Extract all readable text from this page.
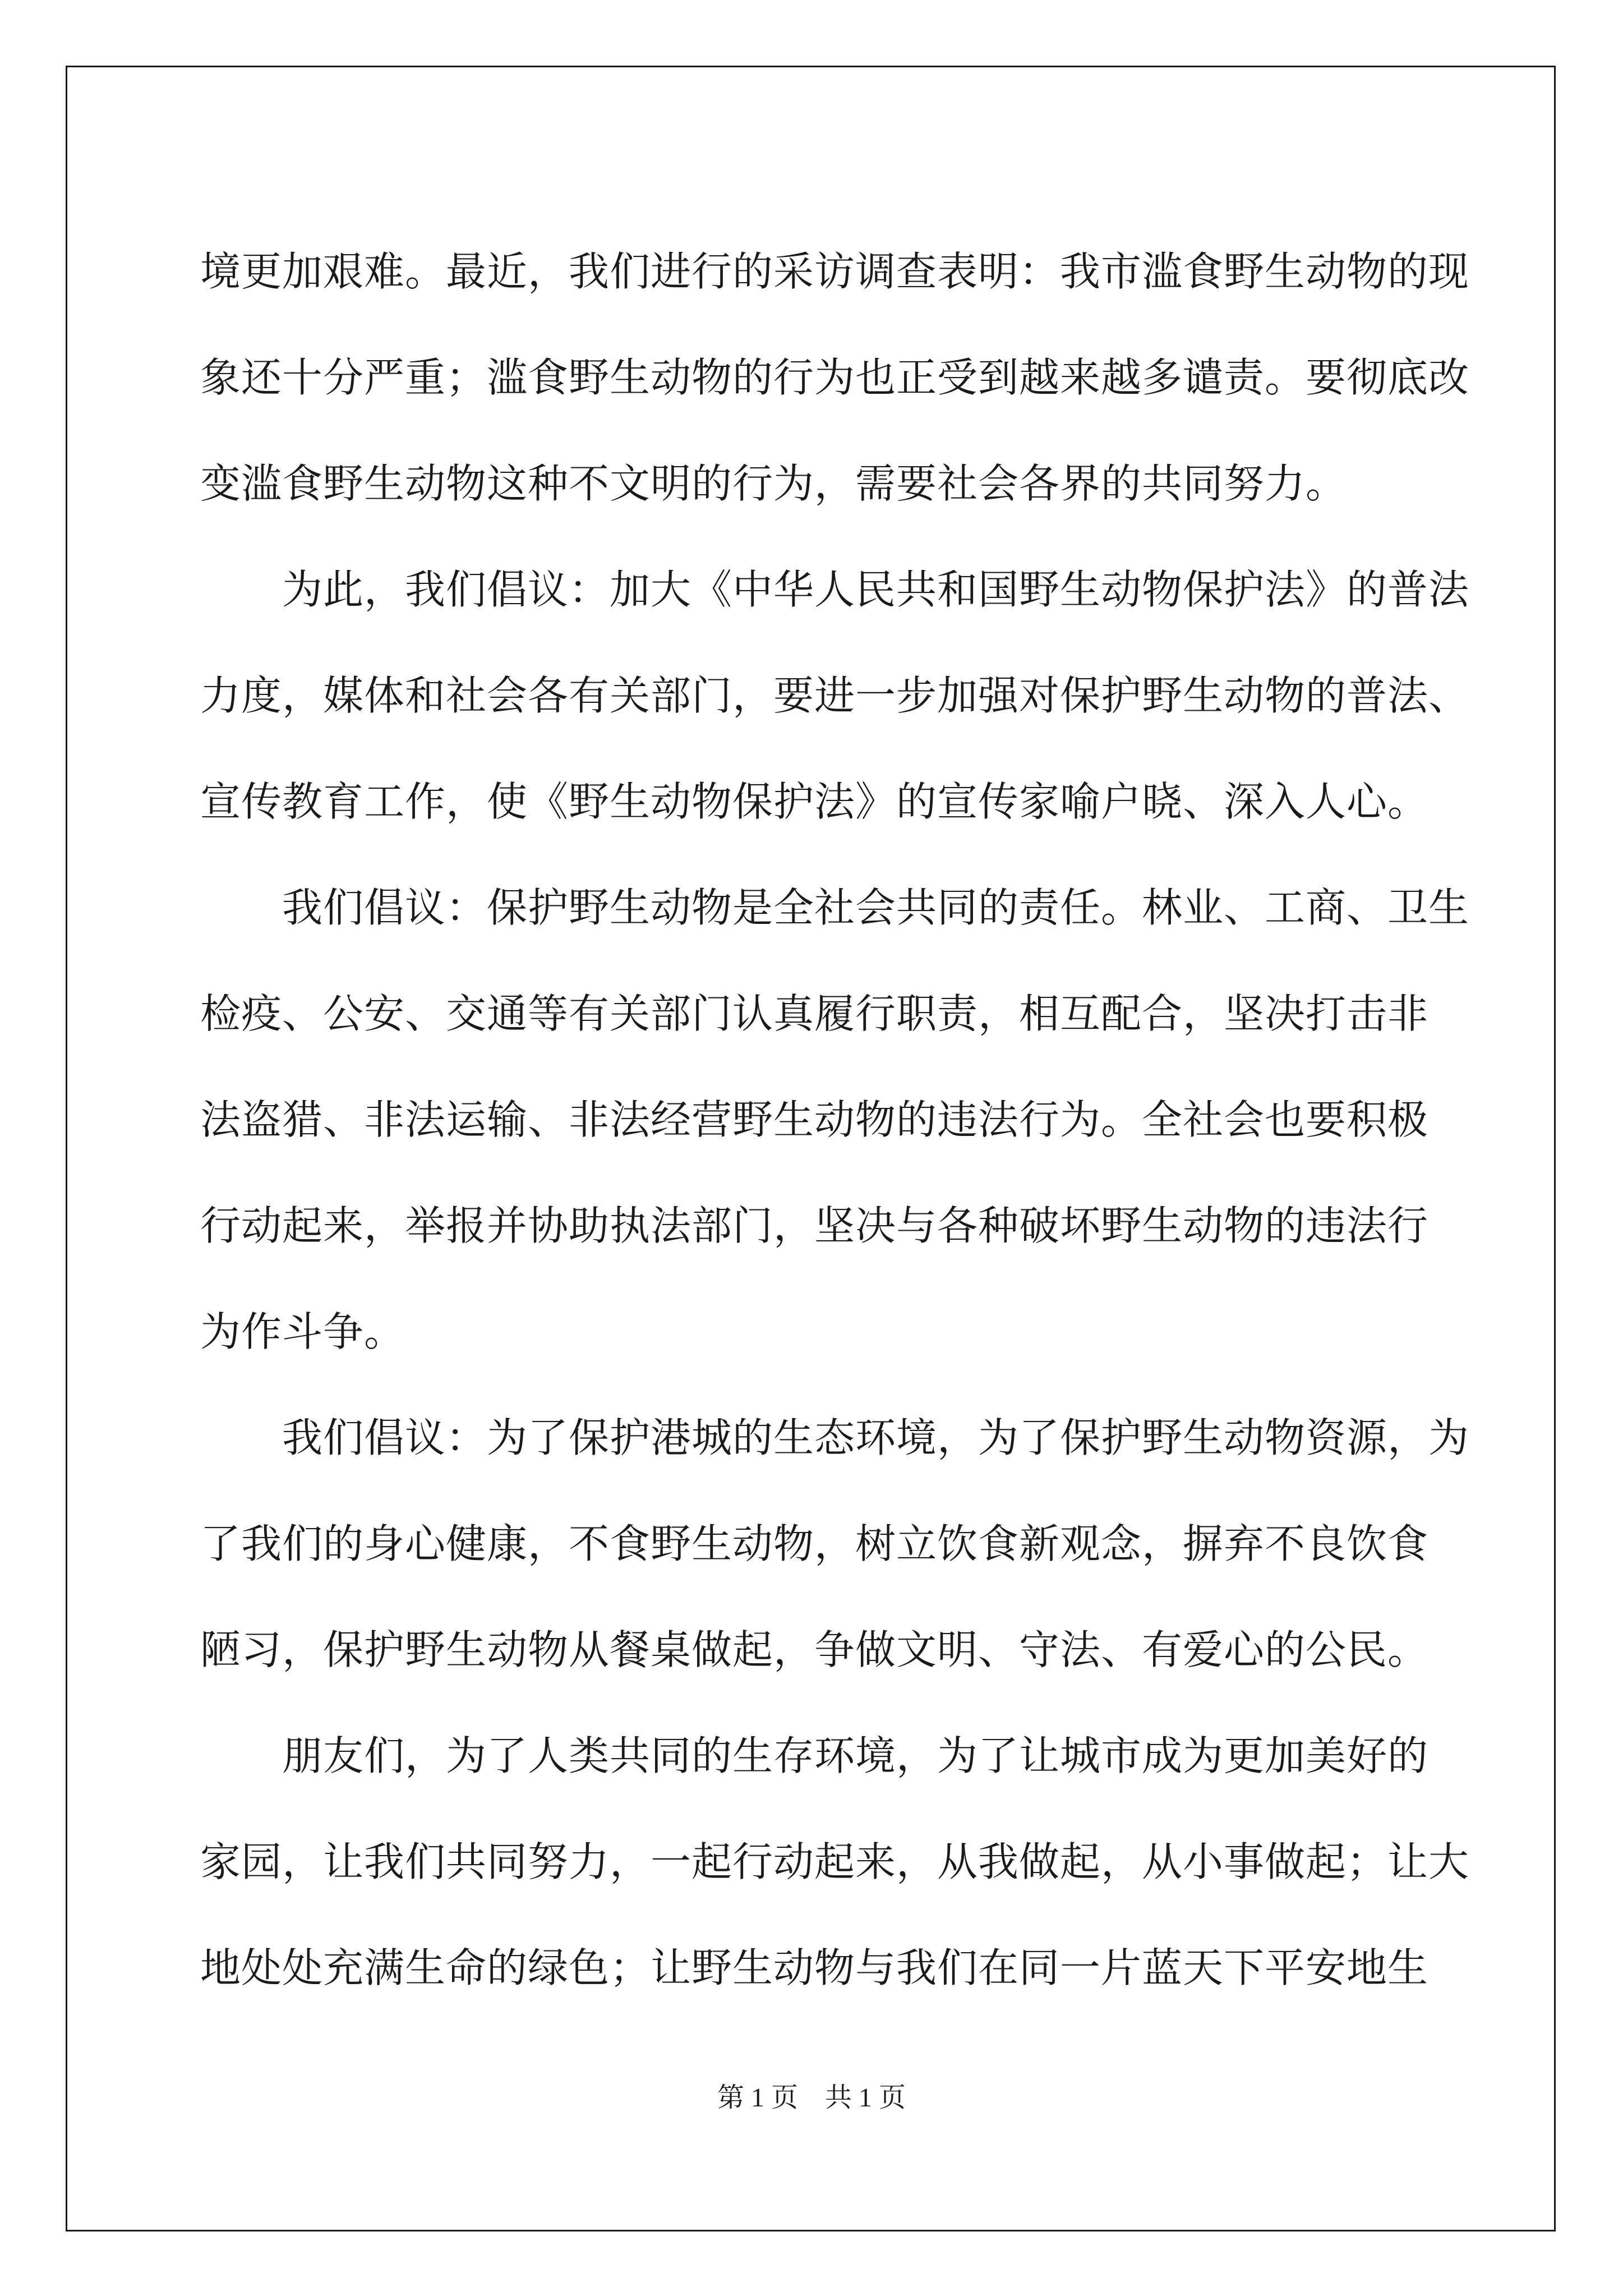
境更加艰难。最近，我们进行的采访调查表明：我市滥食野生动物的现
象还十分严重；滥食野生动物的行为也正受到越来越多谴责。要彻底改
变滥食野生动物这种不文明的行为，需要社会各界的共同努力。
　　为此，我们倡议：加大《中华人民共和国野生动物保护法》的普法
力度，媒体和社会各有关部门，要进一步加强对保护野生动物的普法、
宣传教育工作，使《野生动物保护法》的宣传家喻户晓、深入人心。
　　我们倡议：保护野生动物是全社会共同的责任。林业、工商、卫生
检疫、公安、交通等有关部门认真履行职责，相互配合，坚决打击非
法盗猎、非法运输、非法经营野生动物的违法行为。全社会也要积极
行动起来，举报并协助执法部门，坚决与各种破坏野生动物的违法行
为作斗争。
　　我们倡议：为了保护港城的生态环境，为了保护野生动物资源，为
了我们的身心健康，不食野生动物，树立饮食新观念，摒弃不良饮食
陋习，保护野生动物从餐桌做起，争做文明、守法、有爱心的公民。
　　朋友们，为了人类共同的生存环境，为了让城市成为更加美好的
家园，让我们共同努力，一起行动起来，从我做起，从小事做起；让大
地处处充满生命的绿色；让野生动物与我们在同一片蓝天下平安地生
第 1 页　共 1 页
